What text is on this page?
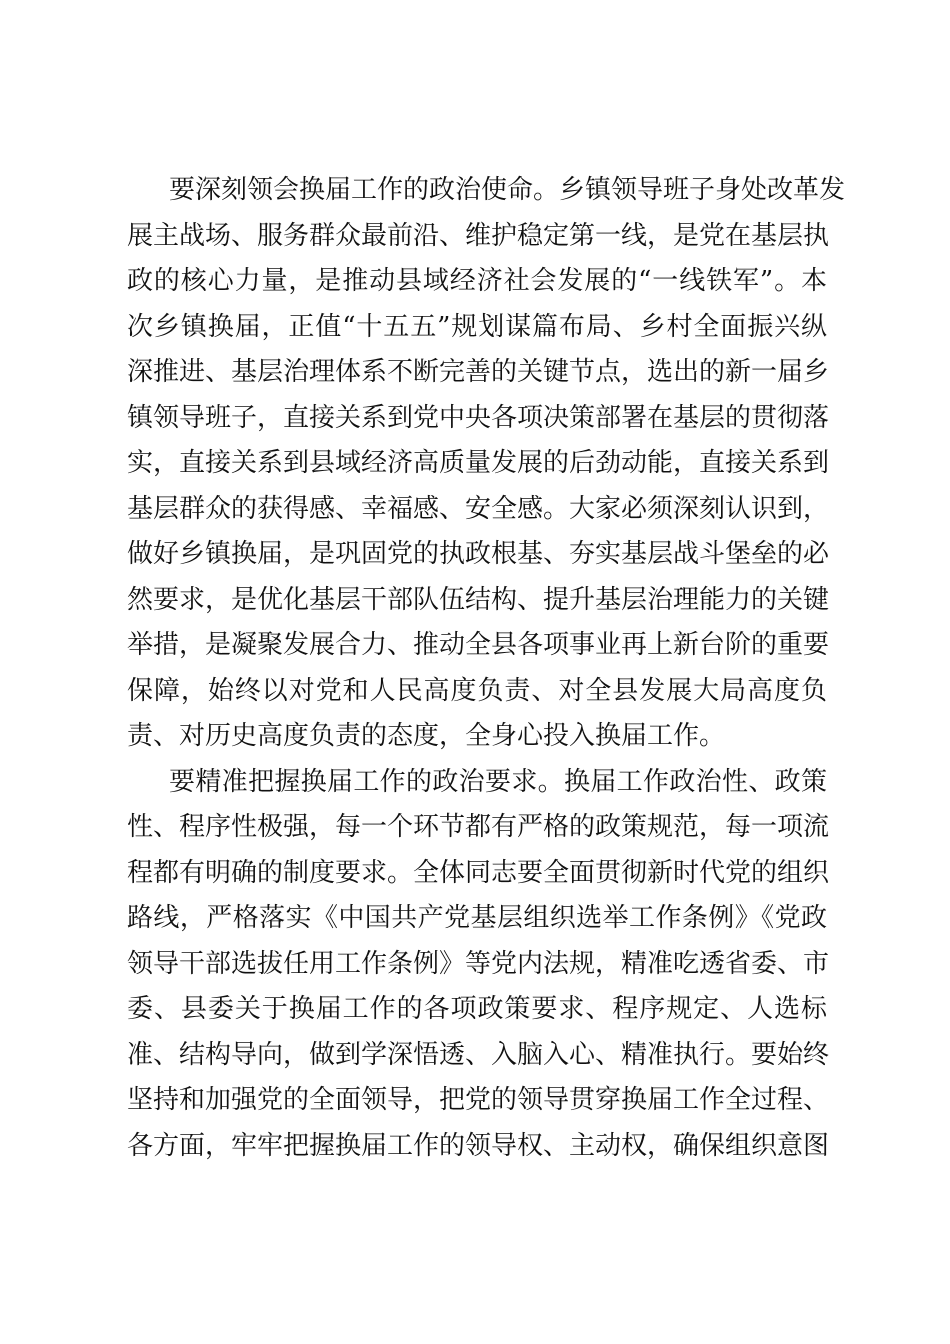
要深刻领会换届工作的政治使命。乡镇领导班子身处改革发
展主战场、服务群众最前沿、维护稳定第一线，是党在基层执
政的核心力量，是推动县域经济社会发展的“一线铁军”。本
次乡镇换届，正值“十五五”规划谋篇布局、乡村全面振兴纵
深推进、基层治理体系不断完善的关键节点，选出的新一届乡
镇领导班子，直接关系到党中央各项决策部署在基层的贯彻落
实，直接关系到县域经济高质量发展的后劲动能，直接关系到
基层群众的获得感、幸福感、安全感。大家必须深刻认识到，
做好乡镇换届，是巩固党的执政根基、夯实基层战斗堡垒的必
然要求，是优化基层干部队伍结构、提升基层治理能力的关键
举措，是凝聚发展合力、推动全县各项事业再上新台阶的重要
保障，始终以对党和人民高度负责、对全县发展大局高度负
责、对历史高度负责的态度，全身心投入换届工作。
要精准把握换届工作的政治要求。换届工作政治性、政策
性、程序性极强，每一个环节都有严格的政策规范，每一项流
程都有明确的制度要求。全体同志要全面贯彻新时代党的组织
路线，严格落实《中国共产党基层组织选举工作条例》《党政
领导干部选拔任用工作条例》等党内法规，精准吃透省委、市
委、县委关于换届工作的各项政策要求、程序规定、人选标
准、结构导向，做到学深悟透、入脑入心、精准执行。要始终
坚持和加强党的全面领导，把党的领导贯穿换届工作全过程、
各方面，牢牢把握换届工作的领导权、主动权，确保组织意图
